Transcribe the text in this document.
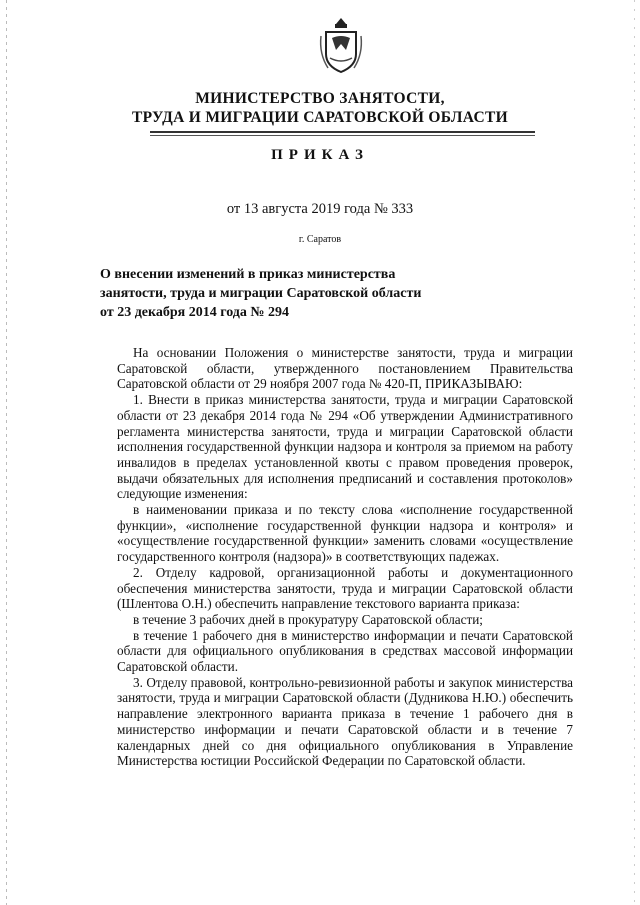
МИНИСТЕРСТВО ЗАНЯТОСТИ,
ТРУДА И МИГРАЦИИ САРАТОВСКОЙ ОБЛАСТИ
ПРИКАЗ
от 13 августа 2019 года № 333
г. Саратов
О внесении изменений в приказ министерства
занятости, труда и миграции Саратовской области
от 23 декабря 2014 года № 294

На основании Положения о министерстве занятости, труда и миграции Саратовской области, утвержденного постановлением Правительства Саратовской области от 29 ноября 2007 года № 420-П, ПРИКАЗЫВАЮ:

1. Внести в приказ министерства занятости, труда и миграции Саратовской области от 23 декабря 2014 года № 294 «Об утверждении Административного регламента министерства занятости, труда и миграции Саратовской области исполнения государственной функции надзора и контроля за приемом на работу инвалидов в пределах установленной квоты с правом проведения проверок, выдачи обязательных для исполнения предписаний и составления протоколов» следующие изменения:

в наименовании приказа и по тексту слова «исполнение государственной функции», «исполнение государственной функции надзора и контроля» и «осуществление государственной функции» заменить словами «осуществление государственного контроля (надзора)» в соответствующих падежах.

2. Отделу кадровой, организационной работы и документационного обеспечения министерства занятости, труда и миграции Саратовской области (Шлентова О.Н.) обеспечить направление текстового варианта приказа:

в течение 3 рабочих дней в прокуратуру Саратовской области;

в течение 1 рабочего дня в министерство информации и печати Саратовской области для официального опубликования в средствах массовой информации Саратовской области.

3. Отделу правовой, контрольно-ревизионной работы и закупок министерства занятости, труда и миграции Саратовской области (Дудникова Н.Ю.) обеспечить направление электронного варианта приказа в течение 1 рабочего дня в министерство информации и печати Саратовской области и в течение 7 календарных дней со дня официального опубликования в Управление Министерства юстиции Российской Федерации по Саратовской области.
